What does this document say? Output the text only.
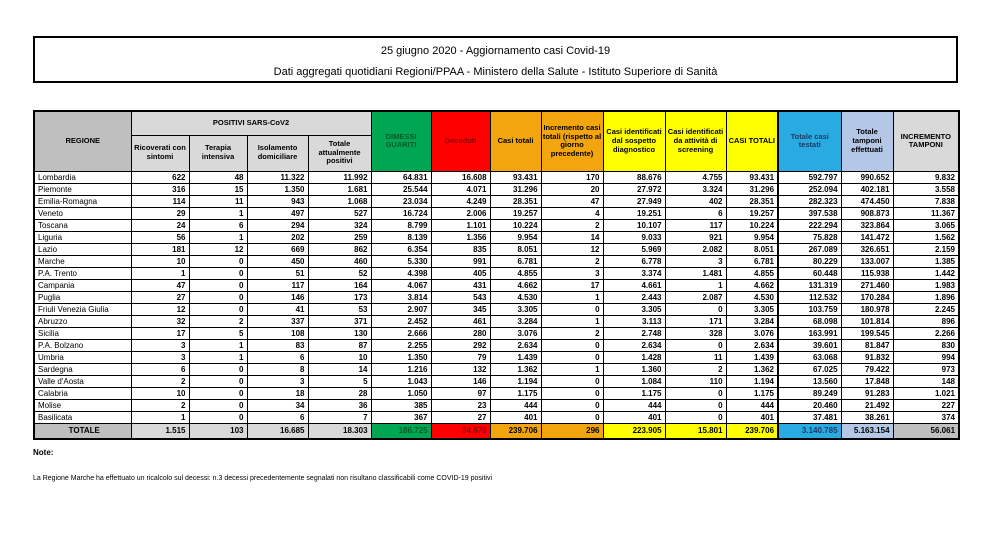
25 giugno 2020 - Aggiornamento casi Covid-19
Dati aggregati quotidiani Regioni/PPAA - Ministero della Salute - Istituto Superiore di Sanità
REGIONE	POSITIVI SARS-CoV2				DIMESSI GUARITI	Deceduti	Casi totali	Incremento casi totali (rispetto al giorno precedente)	Casi identificati dal sospetto diagnostico	Casi identificati da attività di screening	CASI TOTALI	Totale casi testati	Totale tamponi effettuati	INCREMENTO TAMPONI
	Ricoverati con sintomi	Terapia intensiva	Isolamento domiciliare	Totale attualmente positivi										
Lombardia	622	48	11.322	11.992	64.831	16.608	93.431	170	88.676	4.755	93.431	592.797	990.652	9.832
Piemonte	316	15	1.350	1.681	25.544	4.071	31.296	20	27.972	3.324	31.296	252.094	402.181	3.558
Emilia-Romagna	114	11	943	1.068	23.034	4.249	28.351	47	27.949	402	28.351	282.323	474.450	7.838
Veneto	29	1	497	527	16.724	2.006	19.257	4	19.251	6	19.257	397.538	908.873	11.367
Toscana	24	6	294	324	8.799	1.101	10.224	2	10.107	117	10.224	222.294	323.864	3.065
Liguria	56	1	202	259	8.139	1.356	9.954	14	9.033	921	9.954	75.828	141.472	1.562
Lazio	181	12	669	862	6.354	835	8.051	12	5.969	2.082	8.051	267.089	326.651	2.159
Marche	10	0	450	460	5.330	991	6.781	2	6.778	3	6.781	80.229	133.007	1.385
P.A. Trento	1	0	51	52	4.398	405	4.855	3	3.374	1.481	4.855	60.448	115.938	1.442
Campania	47	0	117	164	4.067	431	4.662	17	4.661	1	4.662	131.319	271.460	1.983
Puglia	27	0	146	173	3.814	543	4.530	1	2.443	2.087	4.530	112.532	170.284	1.896
Friuli Venezia Giulia	12	0	41	53	2.907	345	3.305	0	3.305	0	3.305	103.759	180.978	2.245
Abruzzo	32	2	337	371	2.452	461	3.284	1	3.113	171	3.284	68.098	101.814	896
Sicilia	17	5	108	130	2.666	280	3.076	2	2.748	328	3.076	163.991	199.545	2.266
P.A. Bolzano	3	1	83	87	2.255	292	2.634	0	2.634	0	2.634	39.601	81.847	830
Umbria	3	1	6	10	1.350	79	1.439	0	1.428	11	1.439	63.068	91.832	994
Sardegna	6	0	8	14	1.216	132	1.362	1	1.360	2	1.362	67.025	79.422	973
Valle d'Aosta	2	0	3	5	1.043	146	1.194	0	1.084	110	1.194	13.560	17.848	148
Calabria	10	0	18	28	1.050	97	1.175	0	1.175	0	1.175	89.249	91.283	1.021
Molise	2	0	34	36	385	23	444	0	444	0	444	20.460	21.492	227
Basilicata	1	0	6	7	367	27	401	0	401	0	401	37.481	38.261	374
TOTALE	1.515	103	16.685	18.303	186.725	34.678	239.706	296	223.905	15.801	239.706	3.140.785	5.163.154	56.061
Note:
La Regione Marche ha effettuato un ricalcolo sul decessi: n.3 decessi precedentemente segnalati non risultano classificabili come COVID-19 positivi
